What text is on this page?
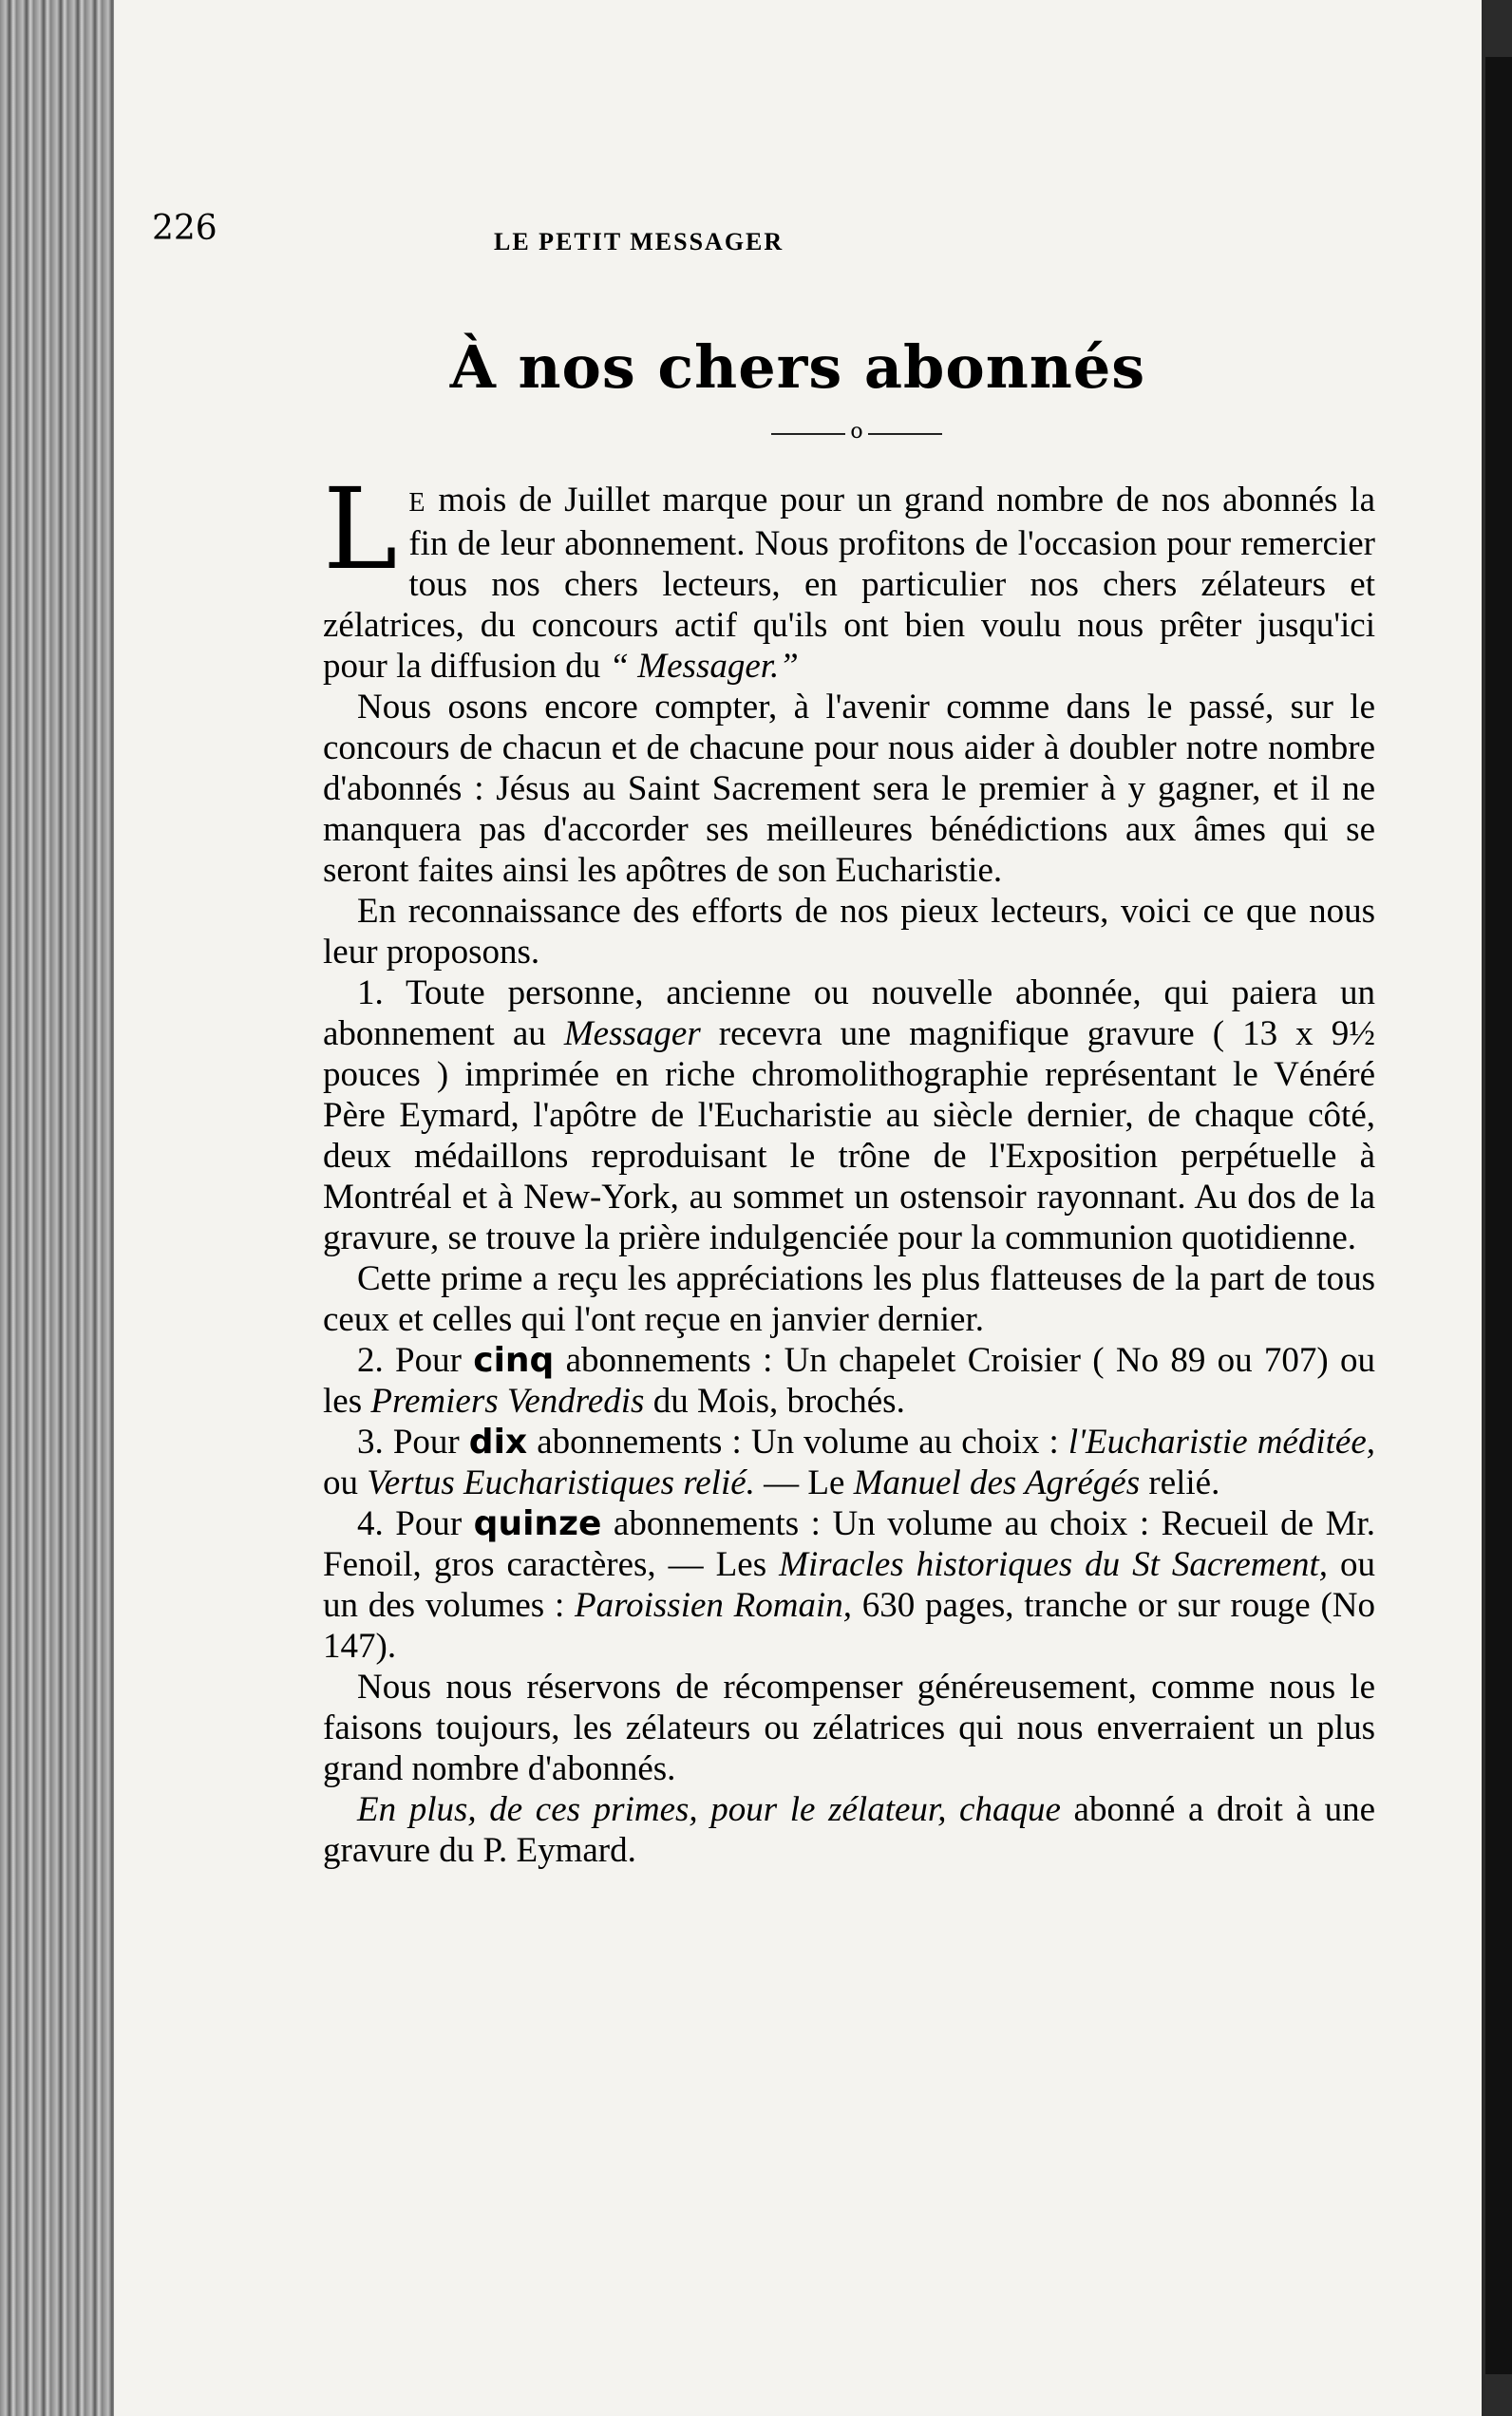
226	LE PETIT MESSAGER
À nos chers abonnés
o

L E mois de Juillet marque pour un grand nombre de nos abonnés la fin de leur abonnement. Nous profitons de l'occasion pour remercier tous nos chers lecteurs, en particulier nos chers zélateurs et zélatrices, du concours actif qu'ils ont bien voulu nous prêter jusqu'ici pour la diffusion du “ Messager.”

Nous osons encore compter, à l'avenir comme dans le passé, sur le concours de chacun et de chacune pour nous aider à doubler notre nombre d'abonnés : Jésus au Saint Sacrement sera le premier à y gagner, et il ne manquera pas d'accorder ses meilleures bénédictions aux âmes qui se seront faites ainsi les apôtres de son Eucharistie.

En reconnaissance des efforts de nos pieux lecteurs, voici ce que nous leur proposons.

1. Toute personne, ancienne ou nouvelle abonnée, qui paiera un abonnement au Messager recevra une magnifique gravure ( 13 x 9½ pouces ) imprimée en riche chromolithographie représentant le Vénéré Père Eymard, l'apôtre de l'Eucharistie au siècle dernier, de chaque côté, deux médaillons reproduisant le trône de l'Exposition perpétuelle à Montréal et à New-York, au sommet un ostensoir rayonnant. Au dos de la gravure, se trouve la prière indulgenciée pour la communion quotidienne.

Cette prime a reçu les appréciations les plus flatteuses de la part de tous ceux et celles qui l'ont reçue en janvier dernier.

2. Pour cinq abonnements : Un chapelet Croisier ( No 89 ou 707) ou les Premiers Vendredis du Mois, brochés.

3. Pour dix abonnements : Un volume au choix : l'Eucharistie méditée, ou Vertus Eucharistiques relié. — Le Manuel des Agrégés relié.

4. Pour quinze abonnements : Un volume au choix : Recueil de Mr. Fenoil, gros caractères, — Les Miracles historiques du St Sacrement, ou un des volumes : Paroissien Romain, 630 pages, tranche or sur rouge (No 147).

Nous nous réservons de récompenser généreusement, comme nous le faisons toujours, les zélateurs ou zélatrices qui nous enverraient un plus grand nombre d'abonnés.

En plus, de ces primes, pour le zélateur, chaque abonné a droit à une gravure du P. Eymard.
